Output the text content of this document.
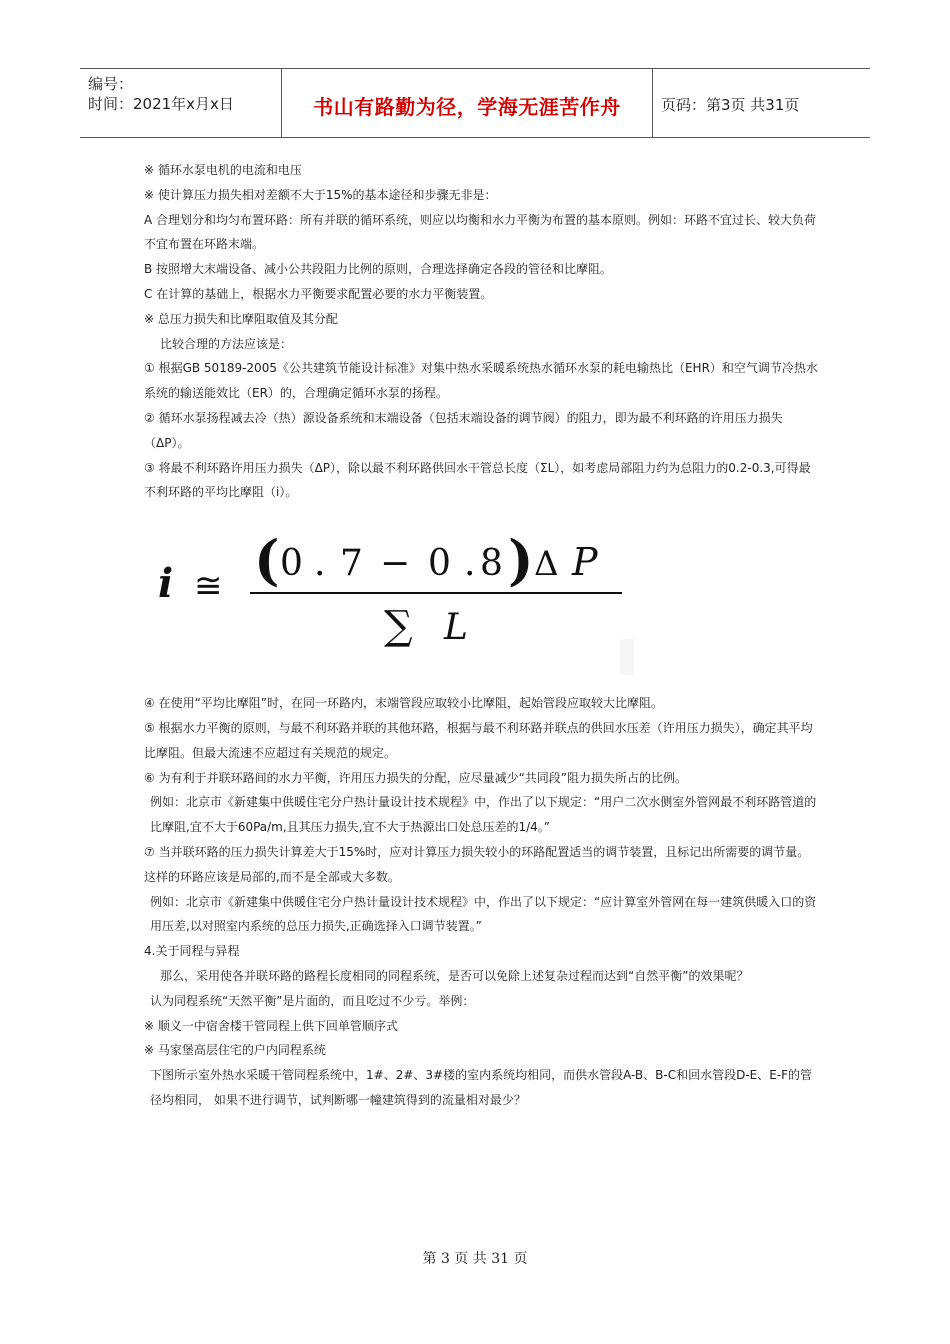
编号：
时间：2021年x月x日	书山有路勤为径，学海无涯苦作舟	页码：第3页 共31页

※ 循环水泵电机的电流和电压

※ 使计算压力损失相对差额不大于15%的基本途径和步骤无非是：

A 合理划分和均匀布置环路：所有并联的循环系统，则应以均衡和水力平衡为布置的基本原则。例如：环路不宜过长、较大负荷不宜布置在环路末端。

B 按照增大末端设备、减小公共段阻力比例的原则，合理选择确定各段的管径和比摩阻。

C 在计算的基础上，根据水力平衡要求配置必要的水力平衡装置。

※ 总压力损失和比摩阻取值及其分配

比较合理的方法应该是：

① 根据GB 50189-2005《公共建筑节能设计标准》对集中热水采暖系统热水循环水泵的耗电输热比（EHR）和空气调节冷热水系统的输送能效比（ER）的，合理确定循环水泵的扬程。

② 循环水泵扬程减去冷（热）源设备系统和末端设备（包括末端设备的调节阀）的阻力，即为最不利环路的许用压力损失（ΔP）。

③ 将最不利环路许用压力损失（ΔP），除以最不利环路供回水干管总长度（ΣL），如考虑局部阻力约为总阻力的0.2-0.3,可得最不利环路的平均比摩阻（i）。

i ≅ ( 0 . 7 − 0 . 8 ) Δ P
∑ L

④ 在使用“平均比摩阻”时，在同一环路内，末端管段应取较小比摩阻，起始管段应取较大比摩阻。

⑤ 根据水力平衡的原则，与最不利环路并联的其他环路，根据与最不利环路并联点的供回水压差（许用压力损失），确定其平均比摩阻。但最大流速不应超过有关规范的规定。

⑥ 为有利于并联环路间的水力平衡，许用压力损失的分配，应尽量减少“共同段”阻力损失所占的比例。

例如：北京市《新建集中供暖住宅分户热计量设计技术规程》中，作出了以下规定：“用户二次水侧室外管网最不利环路管道的比摩阻,宜不大于60Pa/m,且其压力损失,宜不大于热源出口处总压差的1/4。”

⑦ 当并联环路的压力损失计算差大于15%时，应对计算压力损失较小的环路配置适当的调节装置，且标记出所需要的调节量。这样的环路应该是局部的,而不是全部或大多数。

例如：北京市《新建集中供暖住宅分户热计量设计技术规程》中，作出了以下规定：“应计算室外管网在每一建筑供暖入口的资用压差,以对照室内系统的总压力损失,正确选择入口调节装置。”

4.关于同程与异程

那么，采用使各并联环路的路程长度相同的同程系统，是否可以免除上述复杂过程而达到“自然平衡”的效果呢？

认为同程系统“天然平衡”是片面的，而且吃过不少亏。举例：

※ 顺义一中宿舍楼干管同程上供下回单管顺序式

※ 马家堡高层住宅的户内同程系统

下图所示室外热水采暖干管同程系统中，1#、2#、3#楼的室内系统均相同，而供水管段A-B、B-C和回水管段D-E、E-F的管径均相同， 如果不进行调节，试判断哪一幢建筑得到的流量相对最少？

第 3 页 共 31 页
